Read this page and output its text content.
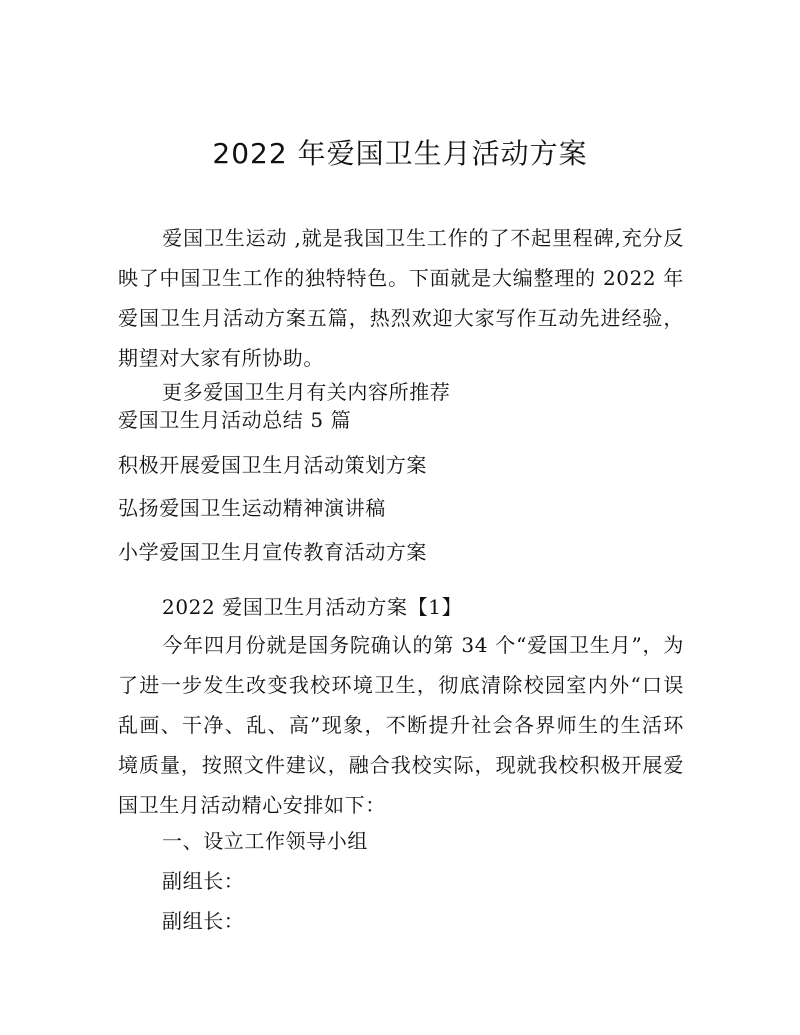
2022 年爱国卫生月活动方案
爱国卫生运动 ,就是我国卫生工作的了不起里程碑,充分反映了中国卫生工作的独特特色。下面就是大编整理的 2022 年爱国卫生月活动方案五篇，热烈欢迎大家写作互动先进经验，期望对大家有所协助。
更多爱国卫生月有关内容所推荐
爱国卫生月活动总结 5 篇
积极开展爱国卫生月活动策划方案
弘扬爱国卫生运动精神演讲稿
小学爱国卫生月宣传教育活动方案
2022 爱国卫生月活动方案【1】
今年四月份就是国务院确认的第 34 个“爱国卫生月”，为了进一步发生改变我校环境卫生，彻底清除校园室内外“口误乱画、干净、乱、高”现象，不断提升社会各界师生的生活环境质量，按照文件建议，融合我校实际，现就我校积极开展爱国卫生月活动精心安排如下：
一、设立工作领导小组
副组长：
副组长：
